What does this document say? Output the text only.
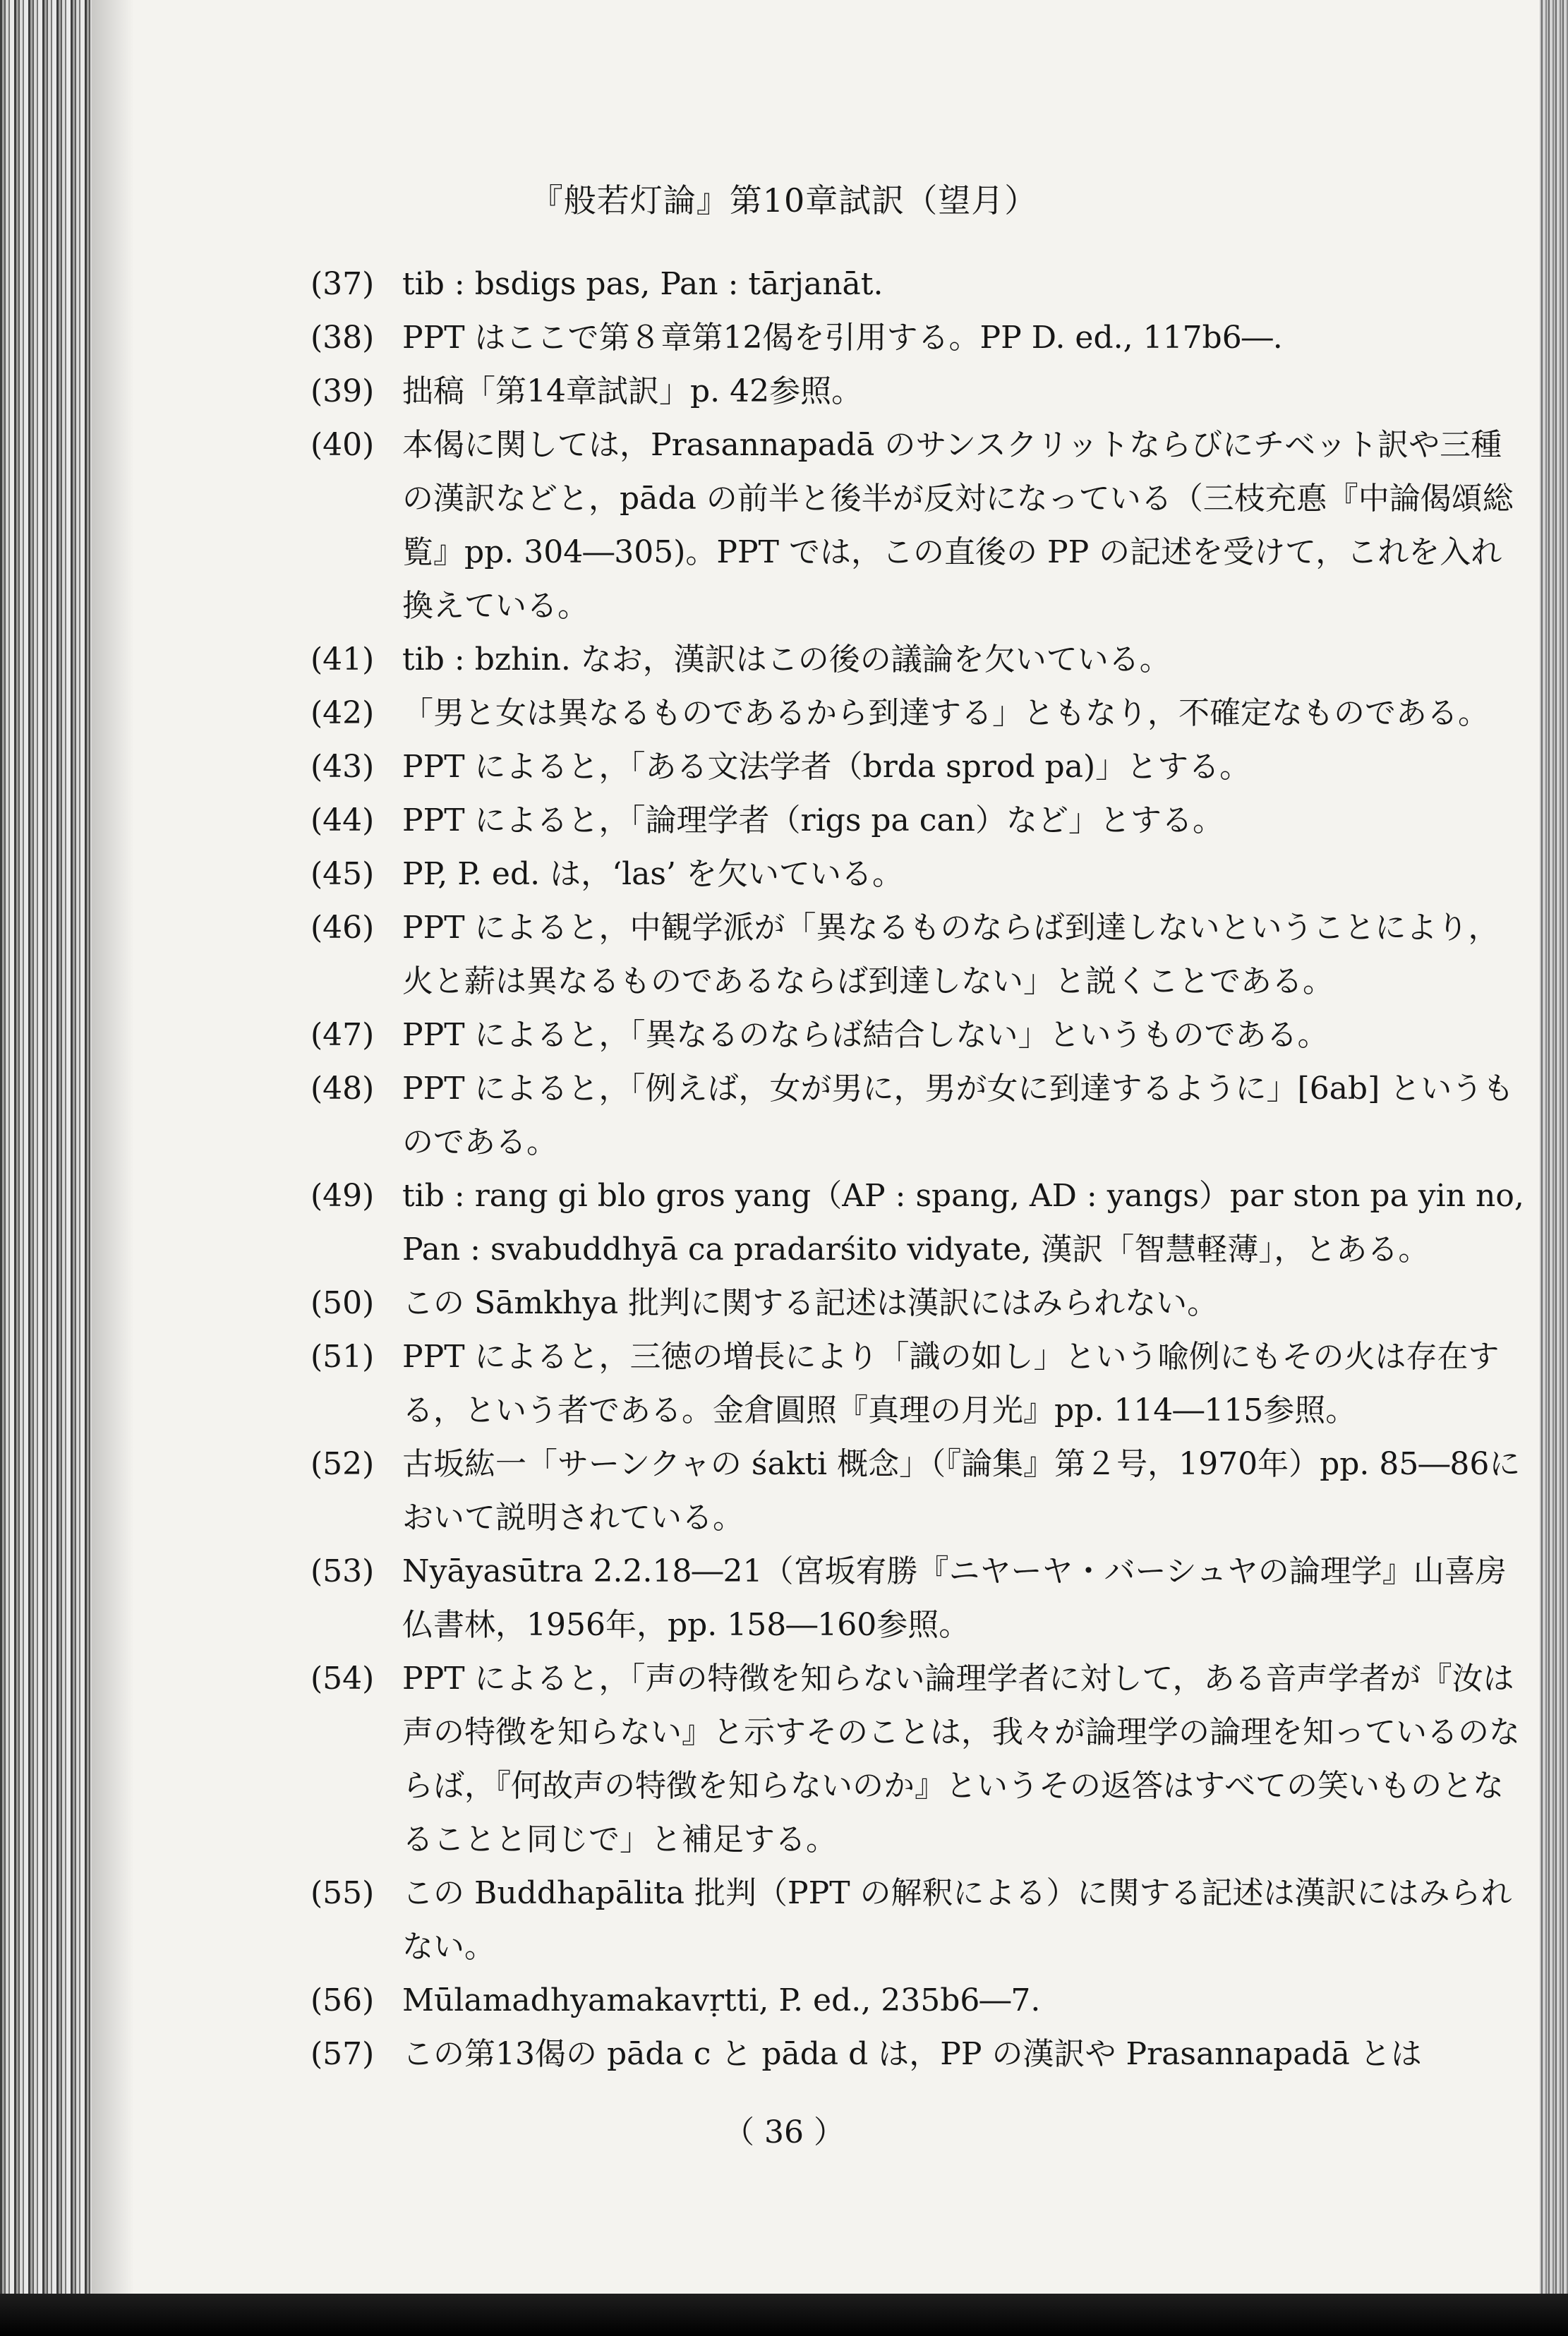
『般若灯論』第10章試訳（望月）
(37) tib : bsdigs pas, Pan : tārjanāt.
(38) PPT はここで第８章第12偈を引用する。PP D. ed., 117b6―.
(39) 拙稿「第14章試訳」p. 42参照。
(40) 本偈に関しては，Prasannapadā のサンスクリットならびにチベット訳や三種の漢訳などと，pāda の前半と後半が反対になっている（三枝充悳『中論偈頌総覧』pp. 304―305)。PPT では，この直後の PP の記述を受けて，これを入れ換えている。
(41) tib : bzhin. なお，漢訳はこの後の議論を欠いている。
(42) 「男と女は異なるものであるから到達する」ともなり，不確定なものである。
(43) PPT によると，「ある文法学者（brda sprod pa)」とする。
(44) PPT によると，「論理学者（rigs pa can）など」とする。
(45) PP, P. ed. は，‘las’ を欠いている。
(46) PPT によると，中観学派が「異なるものならば到達しないということにより，火と薪は異なるものであるならば到達しない」と説くことである。
(47) PPT によると，「異なるのならば結合しない」というものである。
(48) PPT によると，「例えば，女が男に，男が女に到達するように」[6ab] というものである。
(49) tib : rang gi blo gros yang（AP : spang, AD : yangs）par ston pa yin no, Pan : svabuddhyā ca pradarśito vidyate, 漢訳「智慧軽薄」，とある。
(50) この Sāmkhya 批判に関する記述は漢訳にはみられない。
(51) PPT によると，三徳の増長により「識の如し」という喩例にもその火は存在する，という者である。金倉圓照『真理の月光』pp. 114―115参照。
(52) 古坂紘一「サーンクャの śakti 概念」（『論集』第２号，1970年）pp. 85―86において説明されている。
(53) Nyāyasūtra 2.2.18―21（宮坂宥勝『ニヤーヤ・バーシュヤの論理学』山喜房仏書林，1956年，pp. 158―160参照。
(54) PPT によると，「声の特徴を知らない論理学者に対して，ある音声学者が『汝は声の特徴を知らない』と示すそのことは，我々が論理学の論理を知っているのならば，『何故声の特徴を知らないのか』というその返答はすべての笑いものとなることと同じで」と補足する。
(55) この Buddhapālita 批判（PPT の解釈による）に関する記述は漢訳にはみられない。
(56) Mūlamadhyamakavṛtti, P. ed., 235b6―7.
(57) この第13偈の pāda c と pāda d は，PP の漢訳や Prasannapadā とは
（ 36 ）
